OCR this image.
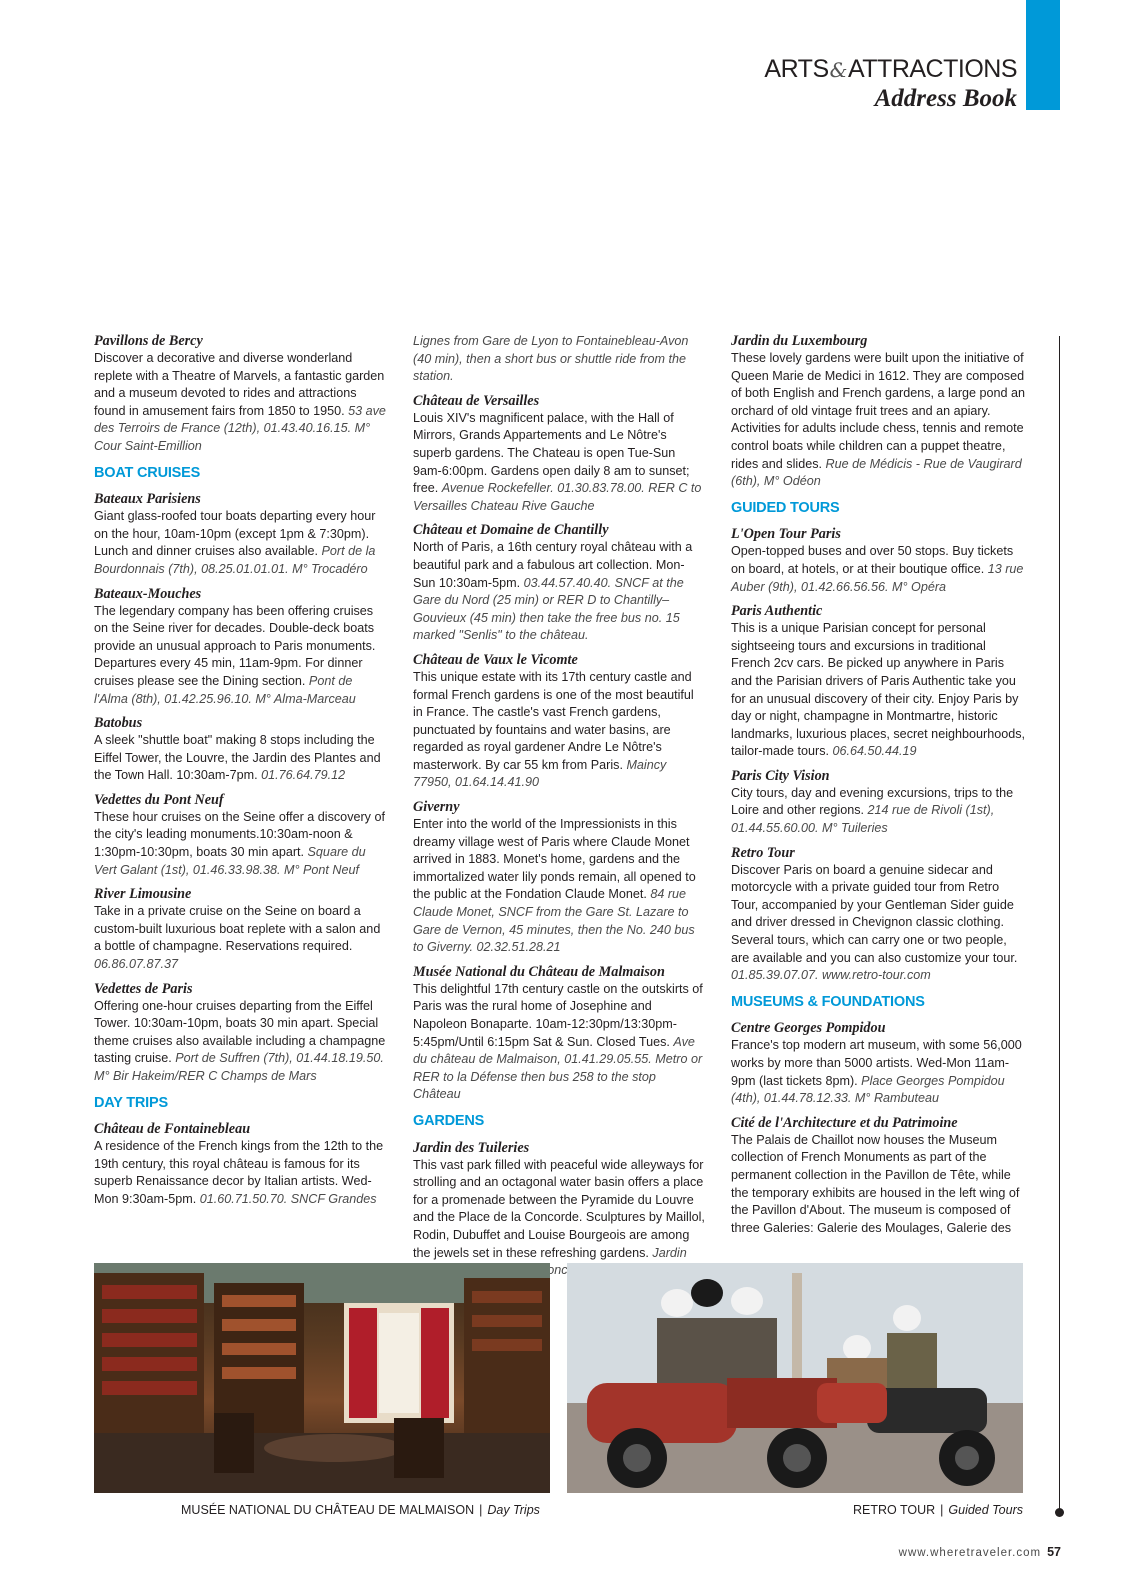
ARTS&ATTRACTIONS
Address Book
Pavillons de Bercy
Discover a decorative and diverse wonderland replete with a Theatre of Marvels, a fantastic garden and a museum devoted to rides and attractions found in amusement fairs from 1850 to 1950. 53 ave des Terroirs de France (12th), 01.43.40.16.15. M° Cour Saint-Emillion
BOAT CRUISES
Bateaux Parisiens
Giant glass-roofed tour boats departing every hour on the hour, 10am-10pm (except 1pm & 7:30pm). Lunch and dinner cruises also available. Port de la Bourdonnais (7th), 08.25.01.01.01. M° Trocadéro
Bateaux-Mouches
The legendary company has been offering cruises on the Seine river for decades. Double-deck boats provide an unusual approach to Paris monuments. Departures every 45 min, 11am-9pm. For dinner cruises please see the Dining section. Pont de l'Alma (8th), 01.42.25.96.10. M° Alma-Marceau
Batobus
A sleek "shuttle boat" making 8 stops including the Eiffel Tower, the Louvre, the Jardin des Plantes and the Town Hall. 10:30am-7pm. 01.76.64.79.12
Vedettes du Pont Neuf
These hour cruises on the Seine offer a discovery of the city's leading monuments.10:30am-noon & 1:30pm-10:30pm, boats 30 min apart. Square du Vert Galant (1st), 01.46.33.98.38. M° Pont Neuf
River Limousine
Take in a private cruise on the Seine on board a custom-built luxurious boat replete with a salon and a bottle of champagne. Reservations required. 06.86.07.87.37
Vedettes de Paris
Offering one-hour cruises departing from the Eiffel Tower. 10:30am-10pm, boats 30 min apart. Special theme cruises also available including a champagne tasting cruise. Port de Suffren (7th), 01.44.18.19.50. M° Bir Hakeim/RER C Champs de Mars
DAY TRIPS
Château de Fontainebleau
A residence of the French kings from the 12th to the 19th century, this royal château is famous for its superb Renaissance decor by Italian artists. Wed-Mon 9:30am-5pm. 01.60.71.50.70. SNCF Grandes
Lignes from Gare de Lyon to Fontainebleau-Avon (40 min), then a short bus or shuttle ride from the station.
Château de Versailles
Louis XIV's magnificent palace, with the Hall of Mirrors, Grands Appartements and Le Nôtre's superb gardens. The Chateau is open Tue-Sun 9am-6:00pm. Gardens open daily 8 am to sunset; free. Avenue Rockefeller. 01.30.83.78.00. RER C to Versailles Chateau Rive Gauche
Château et Domaine de Chantilly
North of Paris, a 16th century royal château with a beautiful park and a fabulous art collection. Mon-Sun 10:30am-5pm. 03.44.57.40.40. SNCF at the Gare du Nord (25 min) or RER D to Chantilly–Gouvieux (45 min) then take the free bus no. 15 marked "Senlis" to the château.
Château de Vaux le Vicomte
This unique estate with its 17th century castle and formal French gardens is one of the most beautiful in France. The castle's vast French gardens, punctuated by fountains and water basins, are regarded as royal gardener Andre Le Nôtre's masterwork. By car 55 km from Paris. Maincy 77950, 01.64.14.41.90
Giverny
Enter into the world of the Impressionists in this dreamy village west of Paris where Claude Monet arrived in 1883. Monet's home, gardens and the immortalized water lily ponds remain, all opened to the public at the Fondation Claude Monet. 84 rue Claude Monet, SNCF from the Gare St. Lazare to Gare de Vernon, 45 minutes, then the No. 240 bus to Giverny. 02.32.51.28.21
Musée National du Château de Malmaison
This delightful 17th century castle on the outskirts of Paris was the rural home of Josephine and Napoleon Bonaparte. 10am-12:30pm/13:30pm-5:45pm/Until 6:15pm Sat & Sun. Closed Tues. Ave du château de Malmaison, 01.41.29.05.55. Metro or RER to la Défense then bus 258 to the stop Château
GARDENS
Jardin des Tuileries
This vast park filled with peaceful wide alleyways for strolling and an octagonal water basin offers a place for a promenade between the Pyramide du Louvre and the Place de la Concorde. Sculptures by Maillol, Rodin, Dubuffet and Louise Bourgeois are among the jewels set in these refreshing gardens. Jardin Concorde
Jardin du Luxembourg
These lovely gardens were built upon the initiative of Queen Marie de Medici in 1612. They are composed of both English and French gardens, a large pond an orchard of old vintage fruit trees and an apiary. Activities for adults include chess, tennis and remote control boats while children can a puppet theatre, rides and slides. Rue de Médicis - Rue de Vaugirard (6th), M° Odéon
GUIDED TOURS
L'Open Tour Paris
Open-topped buses and over 50 stops. Buy tickets on board, at hotels, or at their boutique office. 13 rue Auber (9th), 01.42.66.56.56. M° Opéra
Paris Authentic
This is a unique Parisian concept for personal sightseeing tours and excursions in traditional French 2cv cars. Be picked up anywhere in Paris and the Parisian drivers of Paris Authentic take you for an unusual discovery of their city. Enjoy Paris by day or night, champagne in Montmartre, historic landmarks, luxurious places, secret neighbourhoods, tailor-made tours. 06.64.50.44.19
Paris City Vision
City tours, day and evening excursions, trips to the Loire and other regions. 214 rue de Rivoli (1st), 01.44.55.60.00. M° Tuileries
Retro Tour
Discover Paris on board a genuine sidecar and motorcycle with a private guided tour from Retro Tour, accompanied by your Gentleman Sider guide and driver dressed in Chevignon classic clothing. Several tours, which can carry one or two people, are available and you can also customize your tour. 01.85.39.07.07. www.retro-tour.com
MUSEUMS & FOUNDATIONS
Centre Georges Pompidou
France's top modern art museum, with some 56,000 works by more than 5000 artists. Wed-Mon 11am-9pm (last tickets 8pm). Place Georges Pompidou (4th), 01.44.78.12.33. M° Rambuteau
Cité de l'Architecture et du Patrimoine
The Palais de Chaillot now houses the Museum collection of French Monuments as part of the permanent collection in the Pavillon de Tête, while the temporary exhibits are housed in the left wing of the Pavillon d'About. The museum is composed of three Galeries: Galerie des Moulages, Galerie des
MUSÉE NATIONAL DU CHÂTEAU DE MALMAISON | Day Trips	RETRO TOUR | Guided Tours
www.wheretraveler.com 57
